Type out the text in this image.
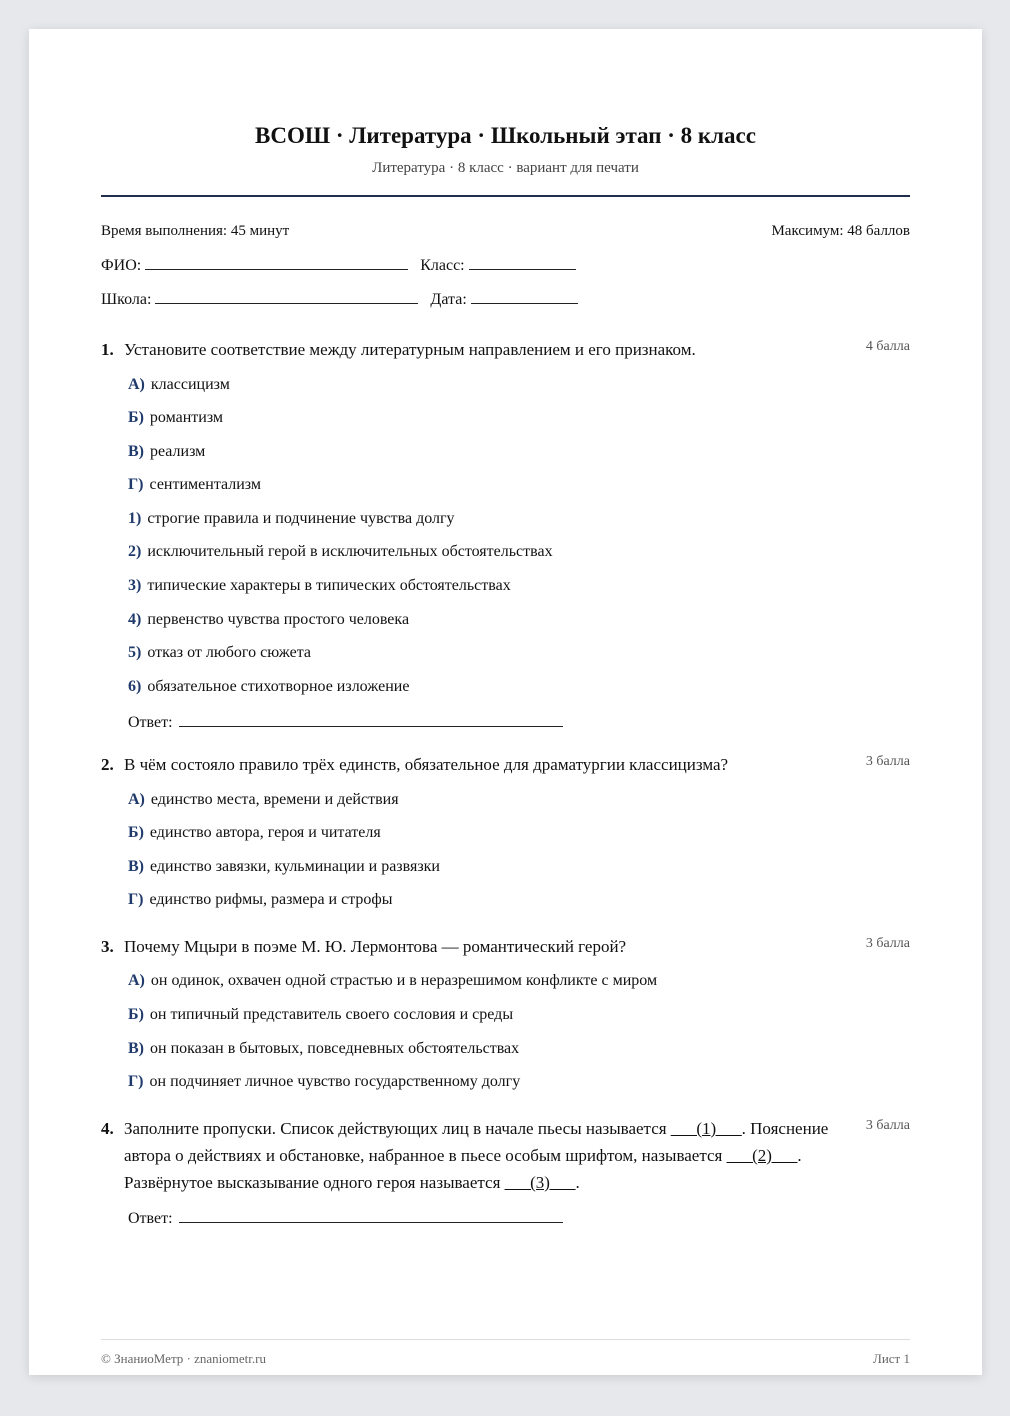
ВСОШ · Литература · Школьный этап · 8 класс
Литература · 8 класс · вариант для печати
Время выполнения: 45 минут	Максимум: 48 баллов
ФИО:	Класс:
Школа:	Дата:
1. Установите соответствие между литературным направлением и его признаком.	4 балла
А) классицизм
Б) романтизм
В) реализм
Г) сентиментализм
1) строгие правила и подчинение чувства долгу
2) исключительный герой в исключительных обстоятельствах
3) типические характеры в типических обстоятельствах
4) первенство чувства простого человека
5) отказ от любого сюжета
6) обязательное стихотворное изложение
Ответ:
2. В чём состояло правило трёх единств, обязательное для драматургии классицизма?	3 балла
А) единство места, времени и действия
Б) единство автора, героя и читателя
В) единство завязки, кульминации и развязки
Г) единство рифмы, размера и строфы
3. Почему Мцыри в поэме М. Ю. Лермонтова — романтический герой?	3 балла
А) он одинок, охвачен одной страстью и в неразрешимом конфликте с миром
Б) он типичный представитель своего сословия и среды
В) он показан в бытовых, повседневных обстоятельствах
Г) он подчиняет личное чувство государственному долгу
4. Заполните пропуски. Список действующих лиц в начале пьесы называется ___(1)___. Пояснение автора о действиях и обстановке, набранное в пьесе особым шрифтом, называется ___(2)___. Развёрнутое высказывание одного героя называется ___(3)___.
3 балла
Ответ:
© ЗнаниоМетр · znaniometr.ru	Лист 1
